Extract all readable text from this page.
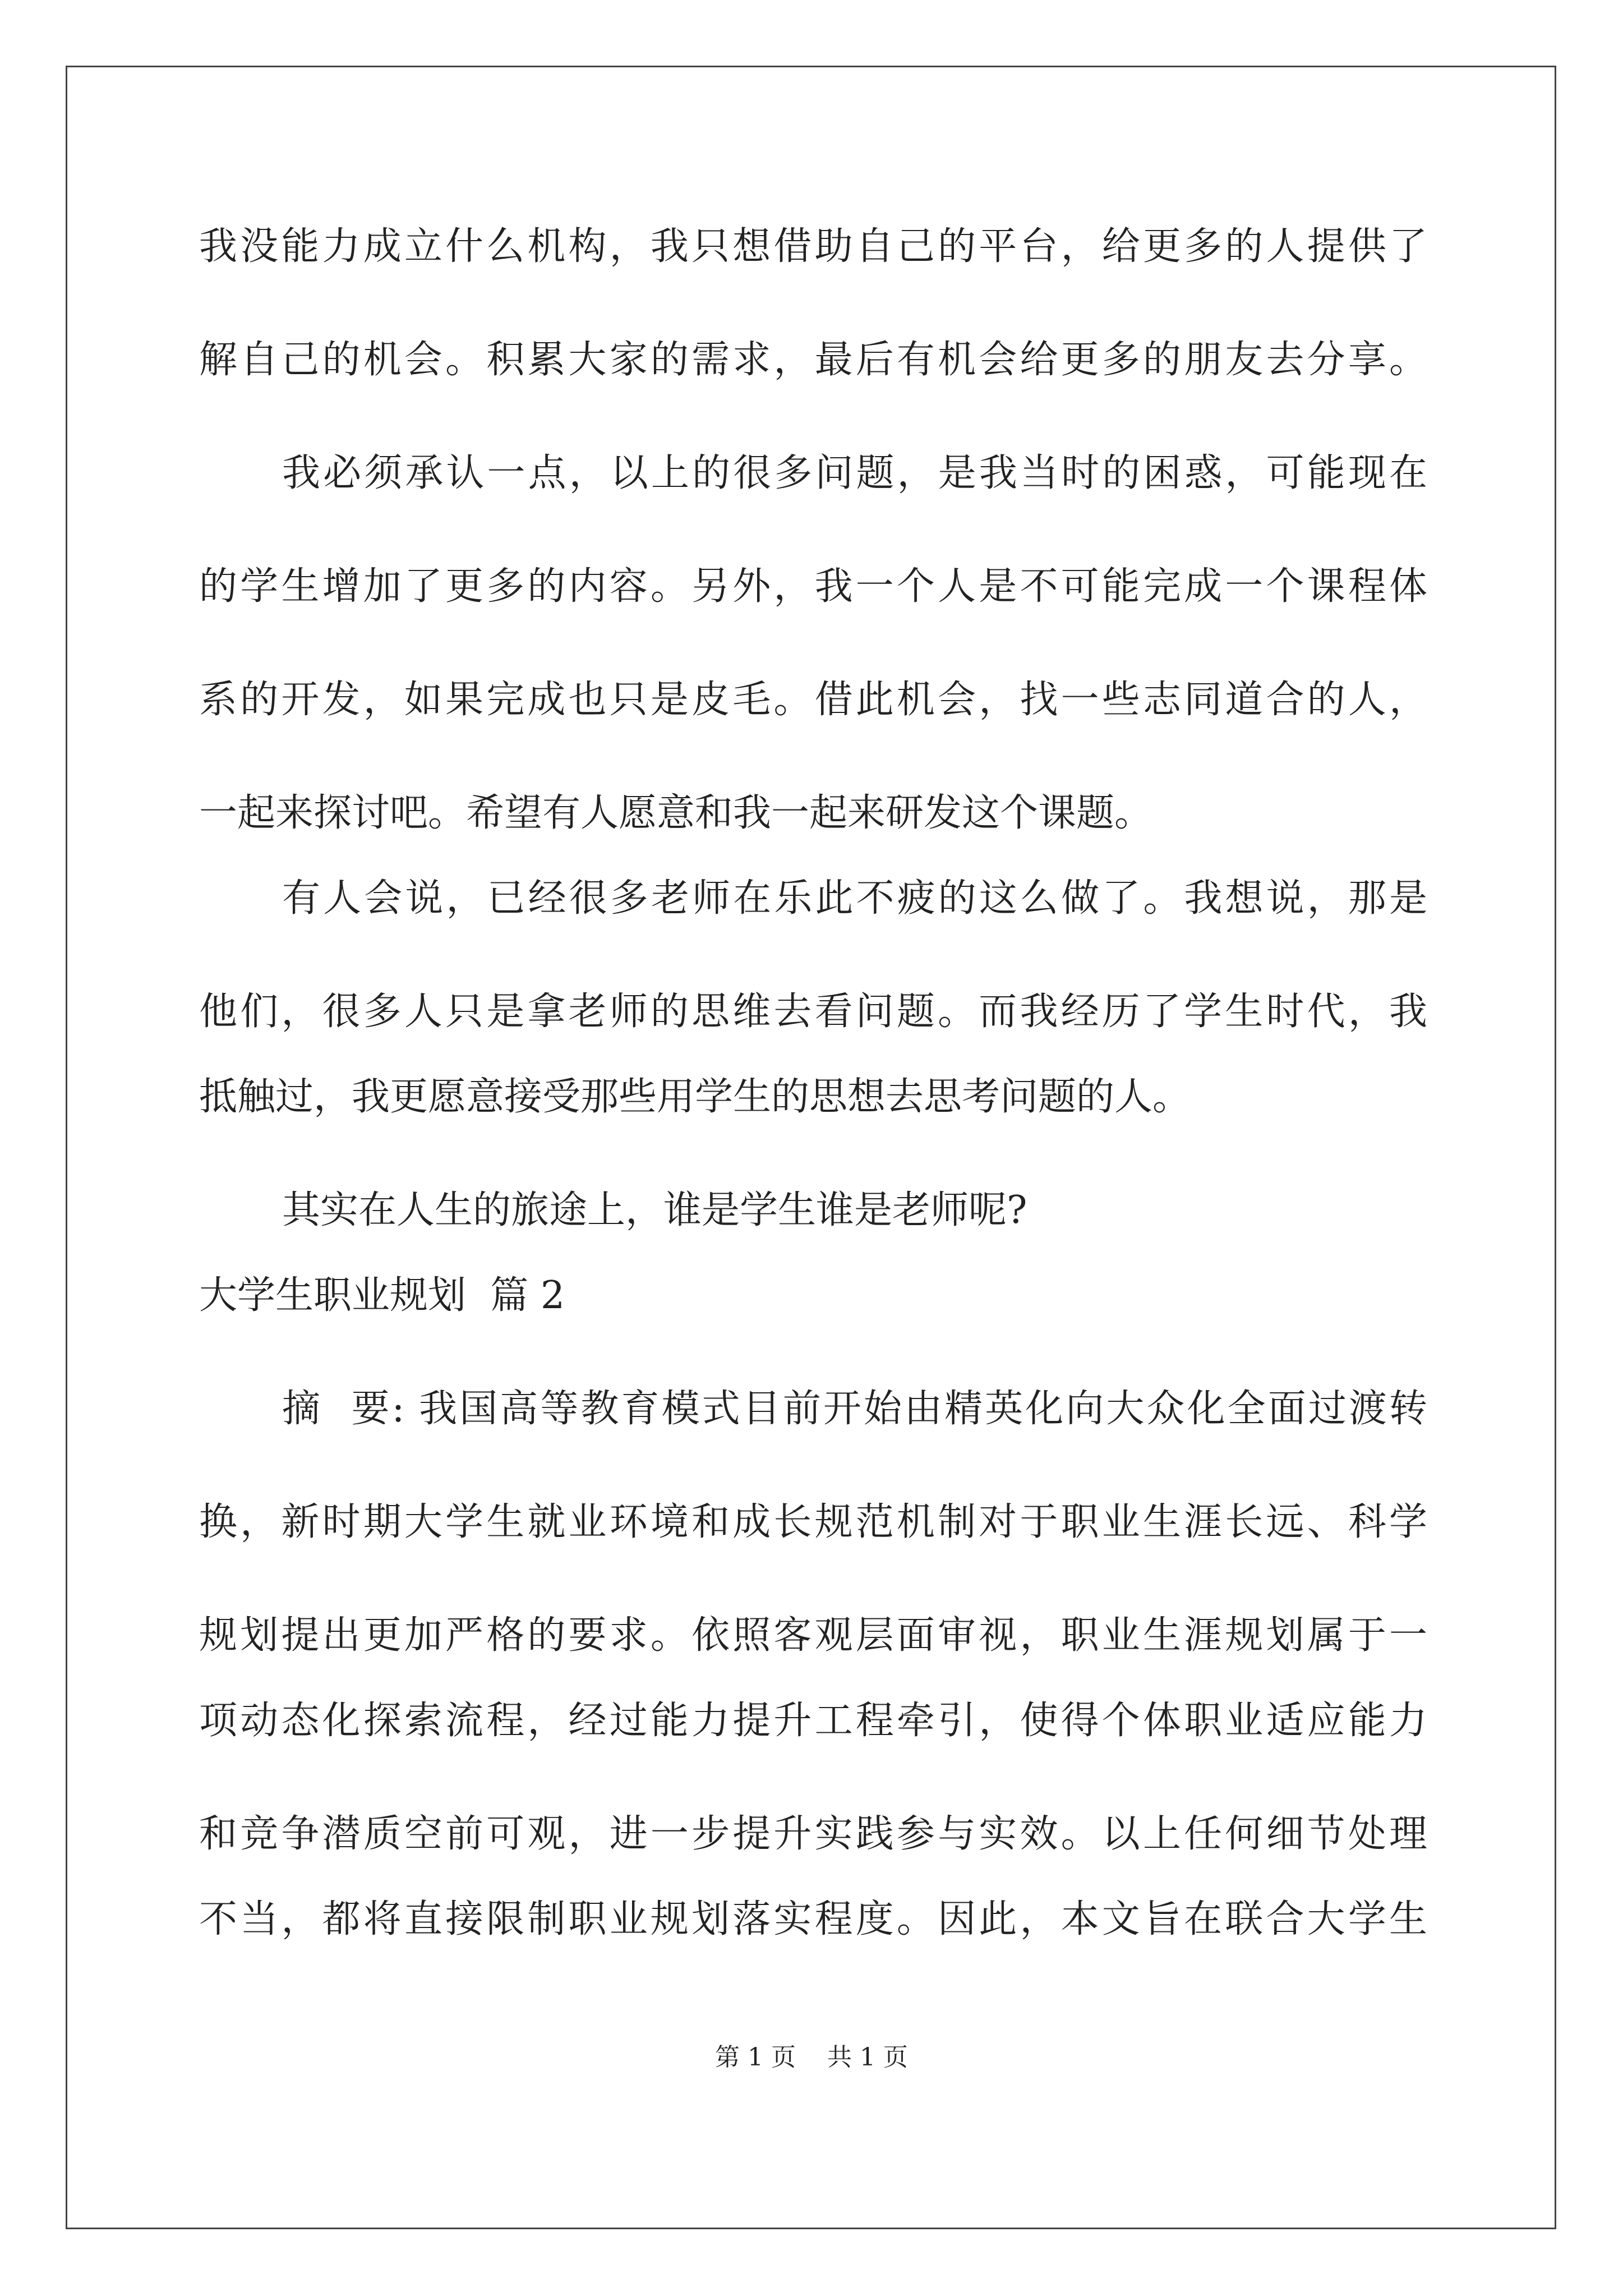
我没能力成立什么机构，我只想借助自己的平台，给更多的人提供了
解自己的机会。积累大家的需求，最后有机会给更多的朋友去分享。
我必须承认一点，以上的很多问题，是我当时的困惑，可能现在
的学生增加了更多的内容。另外，我一个人是不可能完成一个课程体
系的开发，如果完成也只是皮毛。借此机会，找一些志同道合的人，
一起来探讨吧。希望有人愿意和我一起来研发这个课题。
有人会说，已经很多老师在乐此不疲的这么做了。我想说，那是
他们，很多人只是拿老师的思维去看问题。而我经历了学生时代，我
抵触过，我更愿意接受那些用学生的思想去思考问题的人。
其实在人生的旅途上，谁是学生谁是老师呢?
大学生职业规划  篇 2
摘  要: 我国高等教育模式目前开始由精英化向大众化全面过渡转
换，新时期大学生就业环境和成长规范机制对于职业生涯长远、科学
规划提出更加严格的要求。依照客观层面审视，职业生涯规划属于一
项动态化探索流程，经过能力提升工程牵引，使得个体职业适应能力
和竞争潜质空前可观，进一步提升实践参与实效。以上任何细节处理
不当，都将直接限制职业规划落实程度。因此，本文旨在联合大学生
第 1 页    共 1 页
